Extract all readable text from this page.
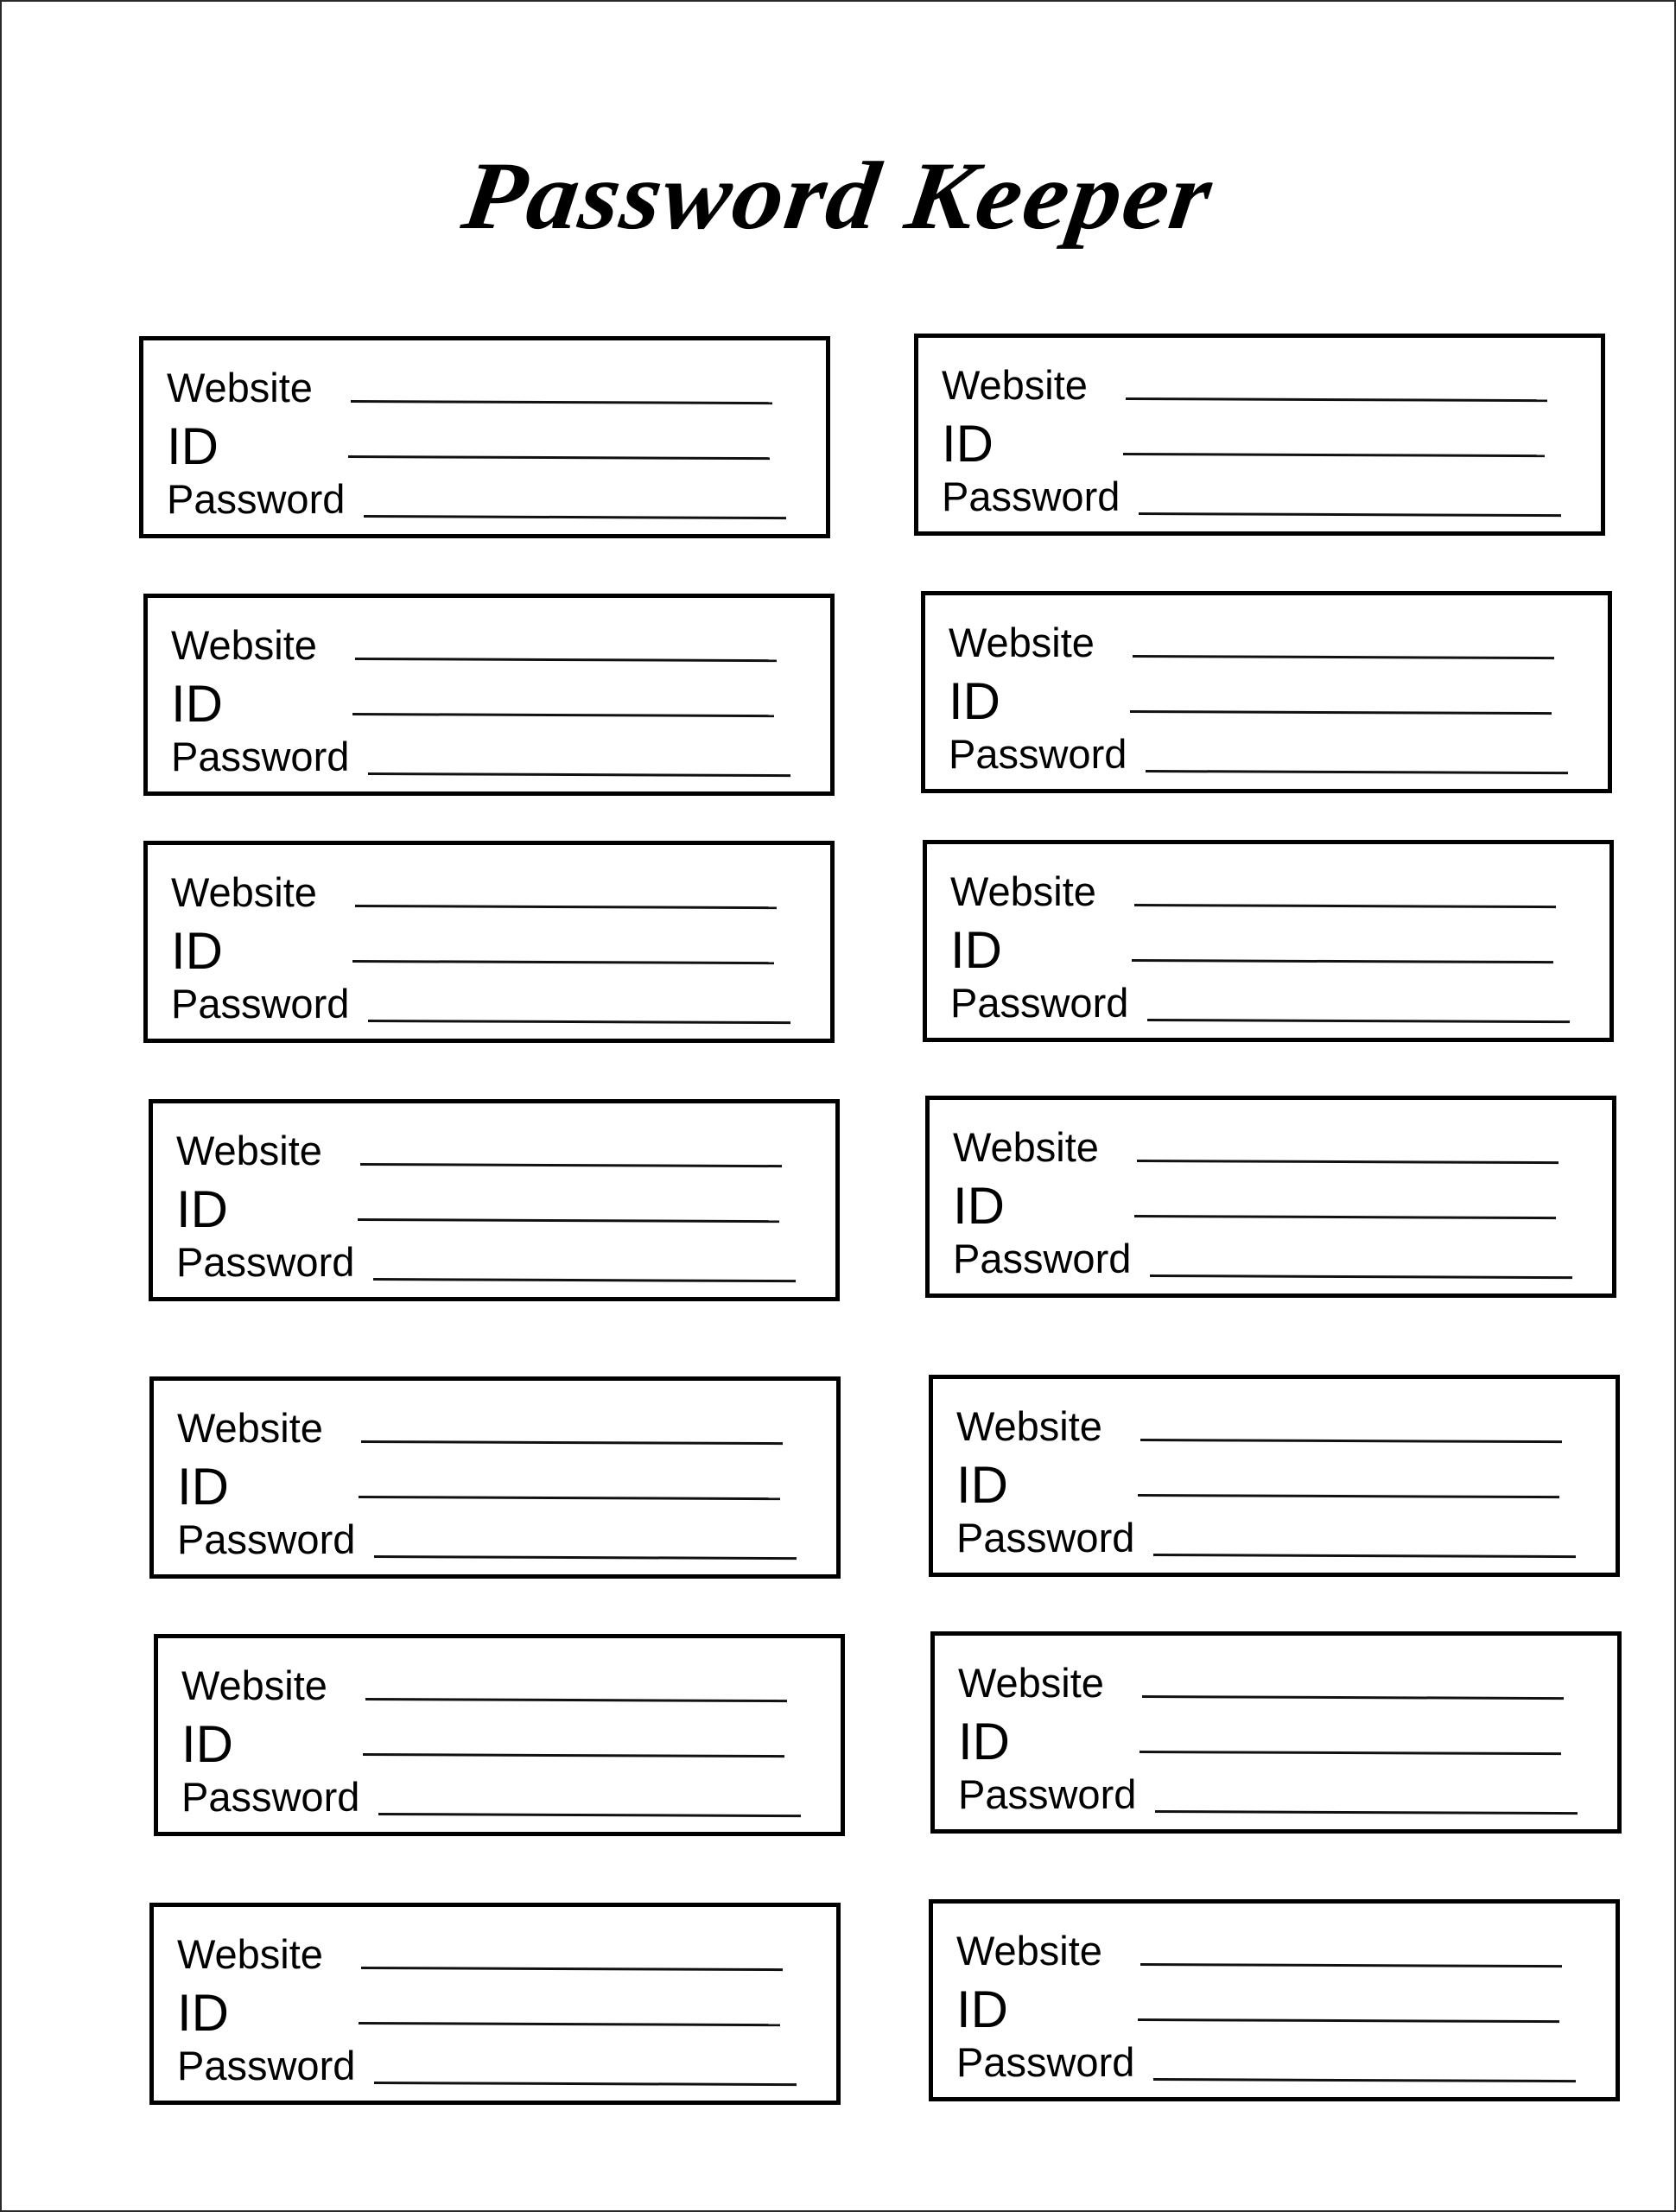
Password Keeper
Website
ID
Password
Website
ID
Password
Website
ID
Password
Website
ID
Password
Website
ID
Password
Website
ID
Password
Website
ID
Password
Website
ID
Password
Website
ID
Password
Website
ID
Password
Website
ID
Password
Website
ID
Password
Website
ID
Password
Website
ID
Password
